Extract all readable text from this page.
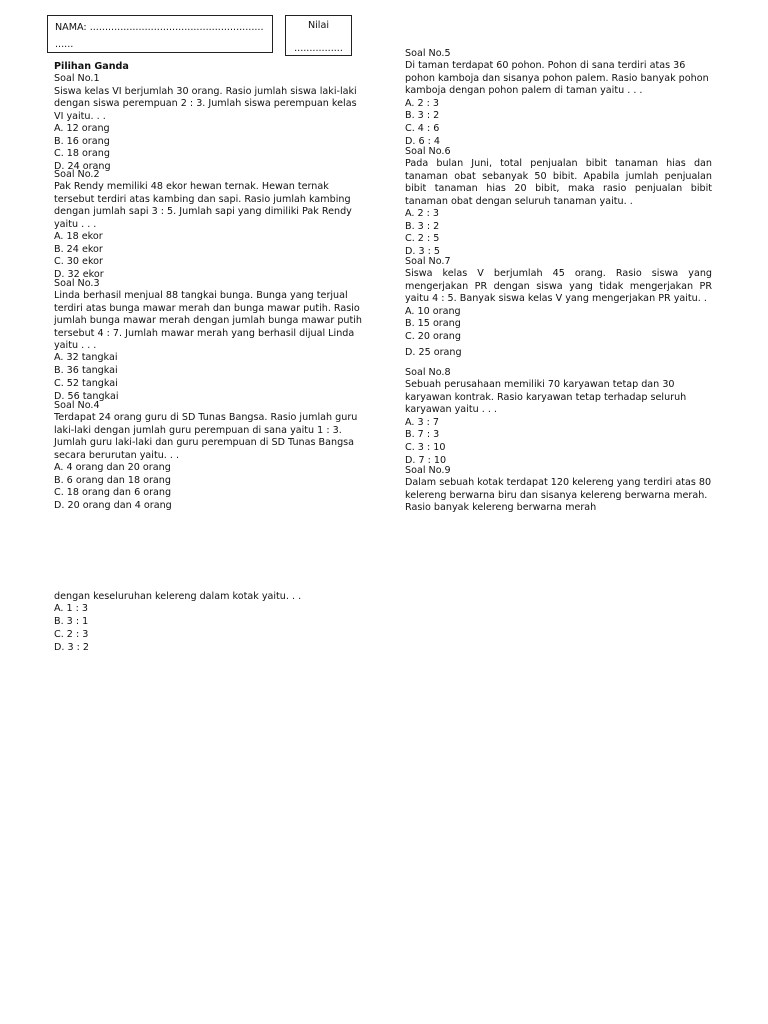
NAMA: .........................................................
......
Nilai
................
Pilihan Ganda
Soal No.1
Siswa kelas VI berjumlah 30 orang. Rasio jumlah siswa laki-laki dengan siswa perempuan 2 : 3. Jumlah siswa perempuan kelas VI yaitu. . .
A. 12 orang
B. 16 orang
C. 18 orang
D. 24 orang
Soal No.2
Pak Rendy memiliki 48 ekor hewan ternak. Hewan ternak tersebut terdiri atas kambing dan sapi. Rasio jumlah kambing dengan jumlah sapi 3 : 5. Jumlah sapi yang dimiliki Pak Rendy yaitu . . .
A. 18 ekor
B. 24 ekor
C. 30 ekor
D. 32 ekor
Soal No.3
Linda berhasil menjual 88 tangkai bunga. Bunga yang terjual terdiri atas bunga mawar merah dan bunga mawar putih. Rasio jumlah bunga mawar merah dengan jumlah bunga mawar putih tersebut 4 : 7. Jumlah mawar merah yang berhasil dijual Linda yaitu . . .
A. 32 tangkai
B. 36 tangkai
C. 52 tangkai
D. 56 tangkai
Soal No.4
Terdapat 24 orang guru di SD Tunas Bangsa. Rasio jumlah guru laki-laki dengan jumlah guru perempuan di sana yaitu 1 : 3. Jumlah guru laki-laki dan guru perempuan di SD Tunas Bangsa secara berurutan yaitu. . .
A. 4 orang dan 20 orang
B. 6 orang dan 18 orang
C. 18 orang dan 6 orang
D. 20 orang dan 4 orang
Soal No.5
Di taman terdapat 60 pohon. Pohon di sana terdiri atas 36 pohon kamboja dan sisanya pohon palem. Rasio banyak pohon kamboja dengan pohon palem di taman yaitu . . .
A. 2 : 3
B. 3 : 2
C. 4 : 6
D. 6 : 4
Soal No.6
Pada bulan Juni, total penjualan bibit tanaman hias dan tanaman obat sebanyak 50 bibit. Apabila jumlah penjualan bibit tanaman hias 20 bibit, maka rasio penjualan bibit tanaman obat dengan seluruh tanaman yaitu. .
A. 2 : 3
B. 3 : 2
C. 2 : 5
D. 3 : 5
Soal No.7
Siswa kelas V berjumlah 45 orang. Rasio siswa yang mengerjakan PR dengan siswa yang tidak mengerjakan PR yaitu 4 : 5. Banyak siswa kelas V yang mengerjakan PR yaitu. .
A. 10 orang
B. 15 orang
C. 20 orang
D. 25 orang
Soal No.8
Sebuah perusahaan memiliki 70 karyawan tetap dan 30 karyawan kontrak. Rasio karyawan tetap terhadap seluruh karyawan yaitu . . .
A. 3 : 7
B. 7 : 3
C. 3 : 10
D. 7 : 10
Soal No.9
Dalam sebuah kotak terdapat 120 kelereng yang terdiri atas 80 kelereng berwarna biru dan sisanya kelereng berwarna merah. Rasio banyak kelereng berwarna merah
dengan keseluruhan kelereng dalam kotak yaitu. . .
A. 1 : 3
B. 3 : 1
C. 2 : 3
D. 3 : 2
